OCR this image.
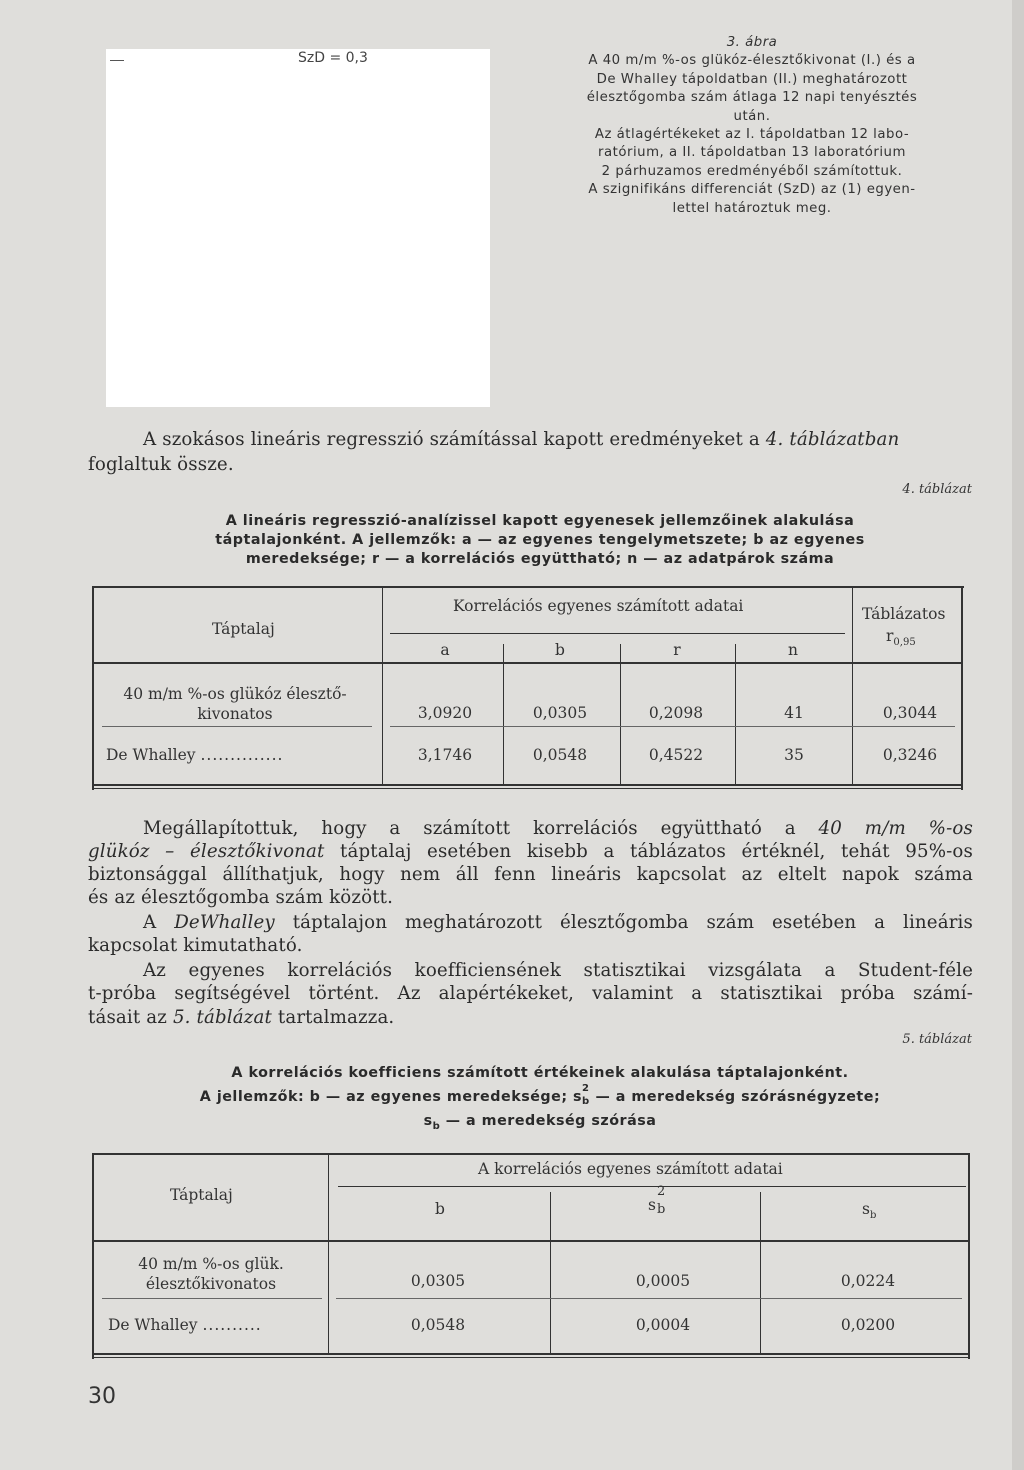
SzD = 0,3

3. ábra

A 40 m/m %-os glükóz-élesztőkivonat (I.) és a

De Whalley tápoldatban (II.) meghatározott

élesztőgomba szám átlaga 12 napi tenyésztés

után.

Az átlagértékeket az I. tápoldatban 12 labo-

ratórium, a II. tápoldatban 13 laboratórium

2 párhuzamos eredményéből számítottuk.

A szignifikáns differenciát (SzD) az (1) egyen-

lettel határoztuk meg.

A szokásos lineáris regresszió számítással kapott eredményeket a 4. táblázatban
foglaltuk össze.
4. táblázat
A lineáris regresszió-analízissel kapott egyenesek jellemzőinek alakulása
táptalajonként. A jellemzők: a — az egyenes tengelymetszete; b az egyenes
meredeksége; r — a korrelációs együttható; n — az adatpárok száma
Táptalaj
Korrelációs egyenes számított adatai
a	b	r	n
Táblázatos
$r_{0,95}$
40 m/m %-os glükóz élesztő-
kivonatos	3,0920	0,0305	0,2098	41	0,3044
De Whalley ..............	3,1746	0,0548	0,4522	35	0,3246
Megállapítottuk, hogy a számított korrelációs együttható a 40 m/m %-os
glükóz – élesztőkivonat táptalaj esetében kisebb a táblázatos értéknél, tehát 95%-os
biztonsággal állíthatjuk, hogy nem áll fenn lineáris kapcsolat az eltelt napok száma
és az élesztőgomba szám között.
A DeWhalley táptalajon meghatározott élesztőgomba szám esetében a lineáris
kapcsolat kimutatható.
Az egyenes korrelációs koefficiensének statisztikai vizsgálata a Student-féle
t-próba segítségével történt. Az alapértékeket, valamint a statisztikai próba számí-
tásait az 5. táblázat tartalmazza.
5. táblázat
A korrelációs koefficiens számított értékeinek alakulása táptalajonként.
A jellemzők: b — az egyenes meredeksége; s
2
b — a meredekség szórásnégyzete;
$s_b$ — a meredekség szórása
Táptalaj
A korrelációs egyenes számított adatai
b	s
2
b
	$s_b$
40 m/m %-os glük.
élesztőkivonatos	0,0305	0,0005	0,0224
De Whalley ..........	0,0548	0,0004	0,0200
30
